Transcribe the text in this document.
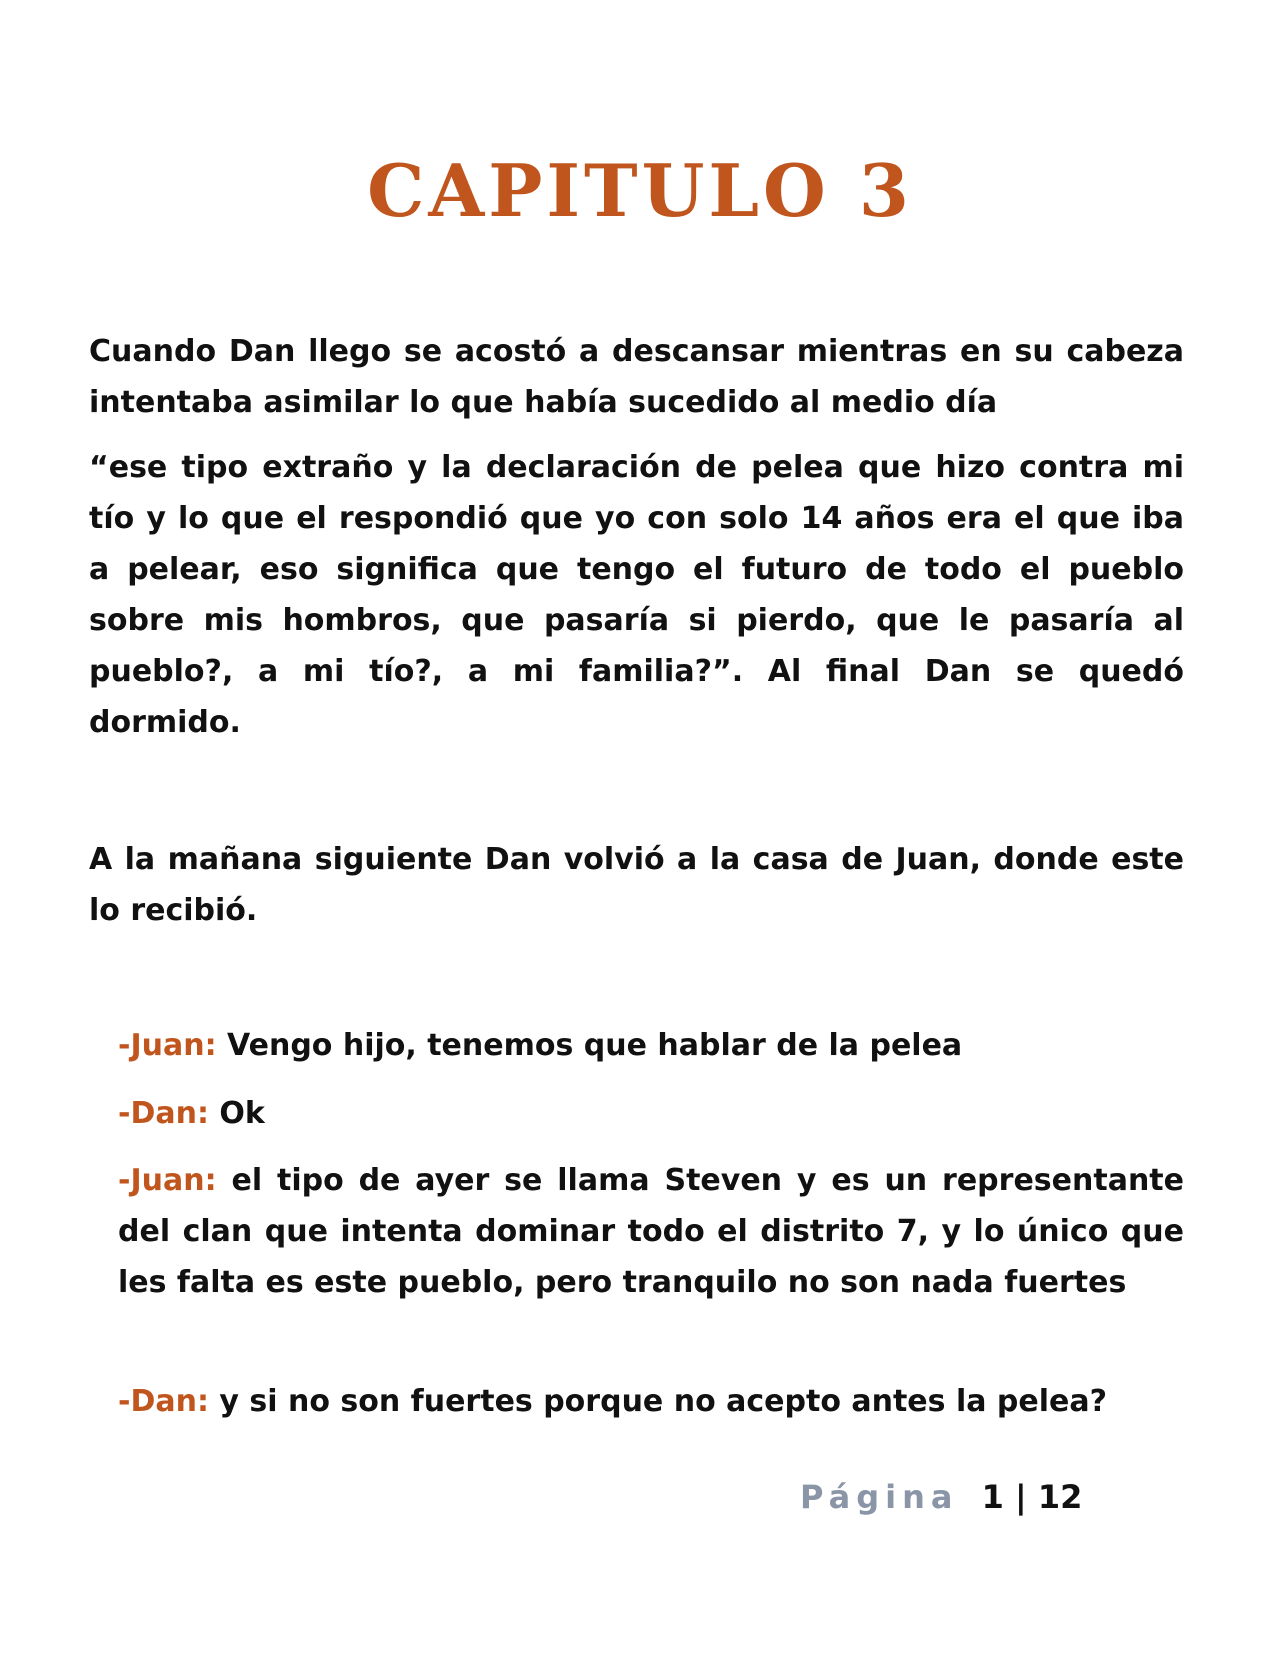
CAPITULO 3

Cuando Dan llego se acostó a descansar mientras en su cabeza intentaba asimilar lo que había sucedido al medio día

“ese tipo extraño y la declaración de pelea que hizo contra mi tío y lo que el respondió que yo con solo 14 años era el que iba a pelear, eso significa que tengo el futuro de todo el pueblo sobre mis hombros, que pasaría si pierdo, que le pasaría al pueblo?, a mi tío?, a mi familia?”. Al final Dan se quedó dormido.

A la mañana siguiente Dan volvió a la casa de Juan, donde este lo recibió.

-Juan: Vengo hijo, tenemos que hablar de la pelea

-Dan: Ok

-Juan: el tipo de ayer se llama Steven y es un representante del clan que intenta dominar todo el distrito 7, y lo único que les falta es este pueblo, pero tranquilo no son nada fuertes

-Dan: y si no son fuertes porque no acepto antes la pelea?

Página 1 | 12
